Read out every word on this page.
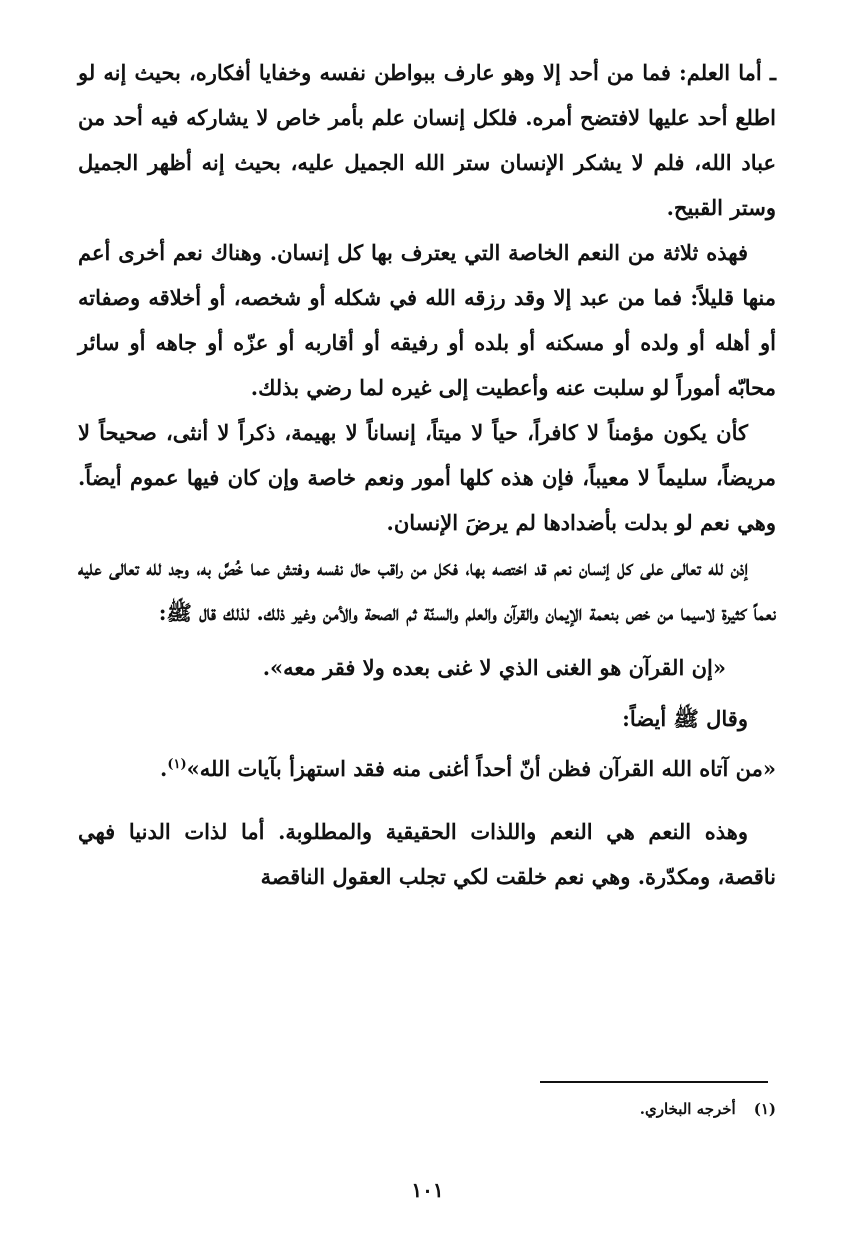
ـ أما العلم: فما من أحد إلا وهو عارف ببواطن نفسه وخفايا أفكاره، بحيث إنه لو اطلع أحد عليها لافتضح أمره. فلكل إنسان علم بأمر خاص لا يشاركه فيه أحد من عباد الله، فلم لا يشكر الإنسان ستر الله الجميل عليه، بحيث إنه أظهر الجميل وستر القبيح.

فهذه ثلاثة من النعم الخاصة التي يعترف بها كل إنسان. وهناك نعم أخرى أعم منها قليلاً: فما من عبد إلا وقد رزقه الله في شكله أو شخصه، أو أخلاقه وصفاته أو أهله أو ولده أو مسكنه أو بلده أو رفيقه أو أقاربه أو عزّه أو جاهه أو سائر محابّه أموراً لو سلبت عنه وأعطيت إلى غيره لما رضي بذلك.

كأن يكون مؤمناً لا كافراً، حياً لا ميتاً، إنساناً لا بهيمة، ذكراً لا أنثى، صحيحاً لا مريضاً، سليماً لا معيباً، فإن هذه كلها أمور ونعم خاصة وإن كان فيها عموم أيضاً. وهي نعم لو بدلت بأضدادها لم يرضَ الإنسان.

إذن لله تعالى على كل إنسان نعم قد اختصه بها، فكل من راقب حال نفسه وفتش عما خُصَّ به، وجد لله تعالى عليه نعماً كثيرة لاسيما من خص بنعمة الإيمان والقرآن والعلم والسنّة ثم الصحة والأمن وغير ذلك. لذلك قال ﷺ:

«إن القرآن هو الغنى الذي لا غنى بعده ولا فقر معه».

وقال ﷺ أيضاً:

«من آتاه الله القرآن فظن أنّ أحداً أغنى منه فقد استهزأ بآيات الله»$^{(١)}$.

وهذه النعم هي النعم واللذات الحقيقية والمطلوبة. أما لذات الدنيا فهي ناقصة، ومكدّرة. وهي نعم خلقت لكي تجلب العقول الناقصة

(١)أخرجه البخاري.
١٠١
